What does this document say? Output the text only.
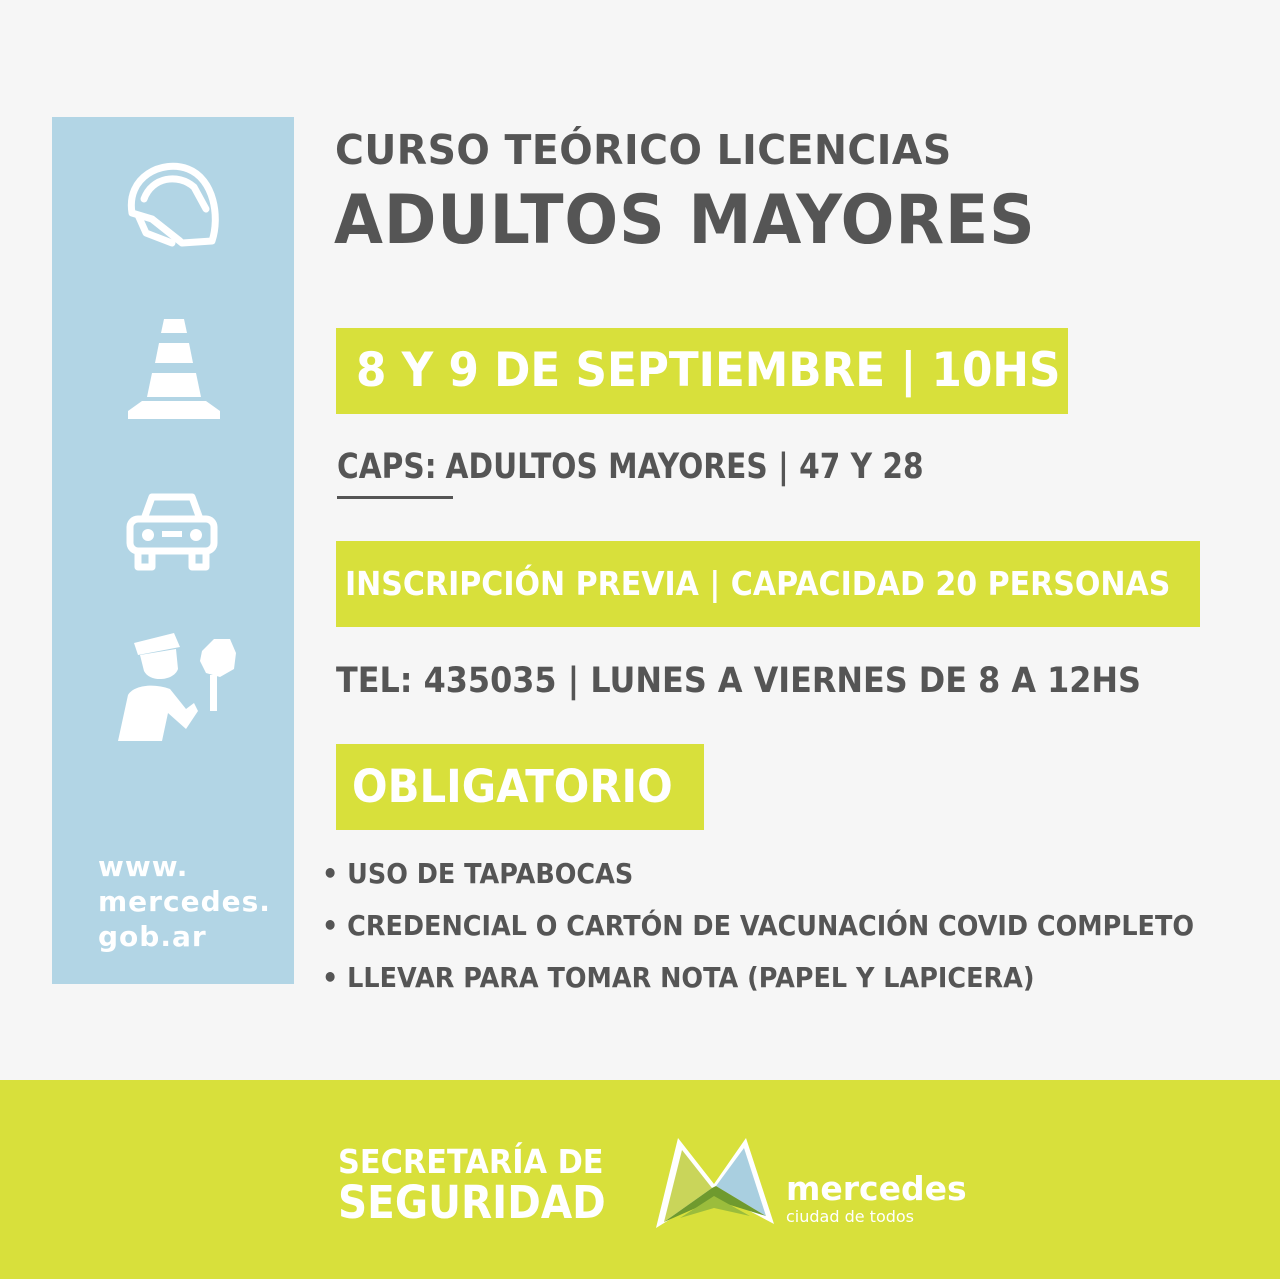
www.
mercedes.
gob.ar

CURSO TEÓRICO LICENCIAS
ADULTOS MAYORES
8 Y 9 DE SEPTIEMBRE | 10HS

CAPS:ADULTOS MAYORES | 47 Y 28

INSCRIPCIÓN PREVIA | CAPACIDAD 20 PERSONAS

TEL: 435035 | LUNES A VIERNES DE 8 A 12HS

OBLIGATORIO
• USO DE TAPABOCAS
• CREDENCIAL O CARTÓN DE VACUNACIÓN COVID COMPLETO
• LLEVAR PARA TOMAR NOTA (PAPEL Y LAPICERA)

SECRETARÍA DE
SEGURIDAD	mercedes
ciudad de todos
